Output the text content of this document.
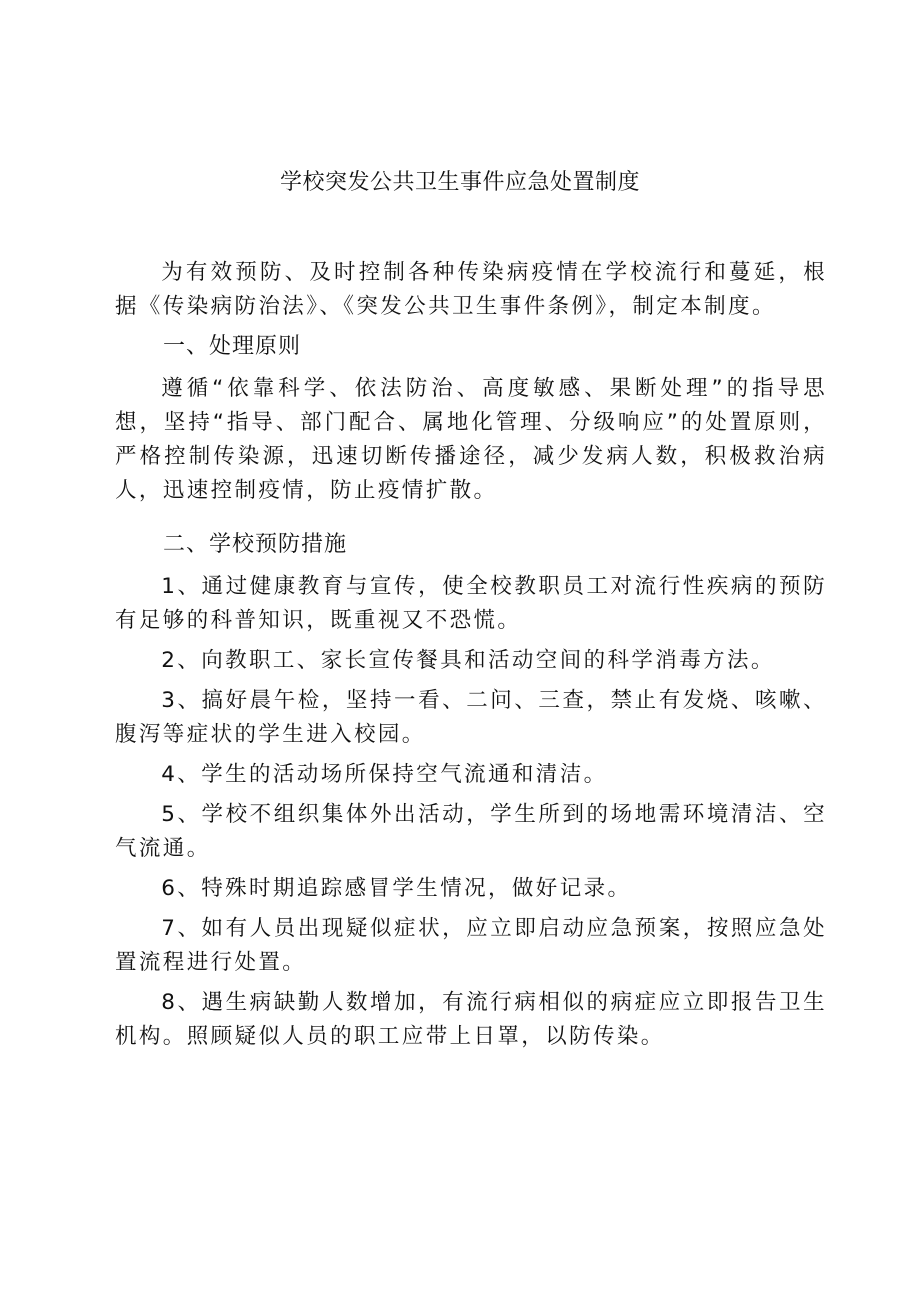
学校突发公共卫生事件应急处置制度

为有效预防、及时控制各种传染病疫情在学校流行和蔓延，根据《传染病防治法》、《突发公共卫生事件条例》，制定本制度。

一、处理原则

遵循“依靠科学、依法防治、高度敏感、果断处理”的指导思想，坚持“指导、部门配合、属地化管理、分级响应”的处置原则，严格控制传染源，迅速切断传播途径，减少发病人数，积极救治病人，迅速控制疫情，防止疫情扩散。

二、学校预防措施

1、通过健康教育与宣传，使全校教职员工对流行性疾病的预防有足够的科普知识，既重视又不恐慌。

2、向教职工、家长宣传餐具和活动空间的科学消毒方法。

3、搞好晨午检，坚持一看、二问、三查，禁止有发烧、咳嗽、腹泻等症状的学生进入校园。

4、学生的活动场所保持空气流通和清洁。

5、学校不组织集体外出活动，学生所到的场地需环境清洁、空气流通。

6、特殊时期追踪感冒学生情况，做好记录。

7、如有人员出现疑似症状，应立即启动应急预案，按照应急处置流程进行处置。

8、遇生病缺勤人数增加，有流行病相似的病症应立即报告卫生机构。照顾疑似人员的职工应带上日罩，以防传染。
